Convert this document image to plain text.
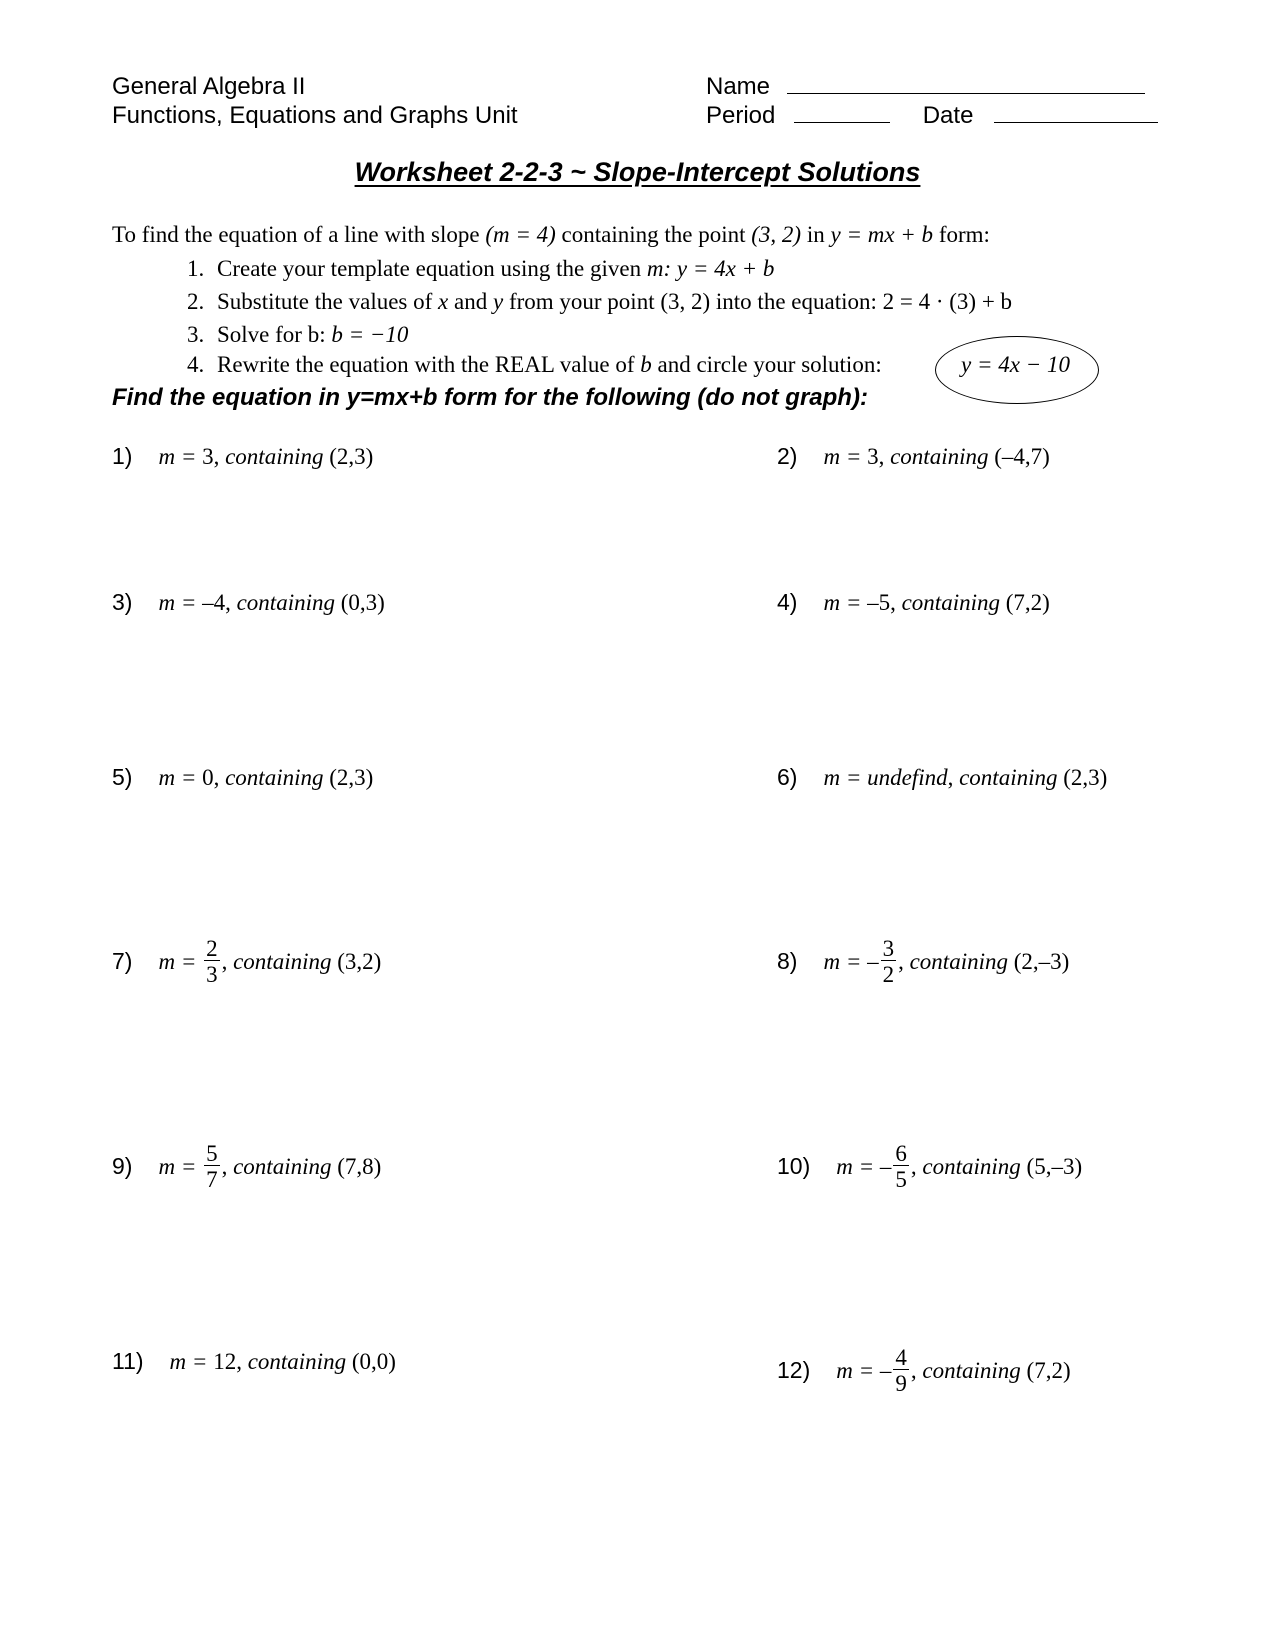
General Algebra II
Functions, Equations and Graphs Unit
Name
Period	Date
Worksheet 2-2-3 ~ Slope-Intercept Solutions
To find the equation of a line with slope (m = 4) containing the point (3, 2) in y = mx + b form:
1. Create your template equation using the given m: y = 4x + b
2. Substitute the values of x and y from your point (3, 2) into the equation: 2 = 4 · (3) + b
3. Solve for b: b = −10
4. Rewrite the equation with the REAL value of b and circle your solution:	y = 4x − 10
Find the equation in y=mx+b form for the following (do not graph):
1) m = 3, containing (2,3)
3) m = –4, containing (0,3)
5) m = 0, containing (2,3)
7) $m = \frac{2}{3}$ , containing (3,2)
9) $m = \frac{5}{7}$ , containing (7,8)
11) m = 12, containing (0,0)
2) m = 3, containing (–4,7)
4) m = –5, containing (7,2)
6) m = undefind, containing (2,3)
8) m = – $\frac{3}{2}$ , containing (2,–3)
10) m = – $\frac{6}{5}$ , containing (5,–3)
12) m = – $\frac{4}{9}$ , containing (7,2)
